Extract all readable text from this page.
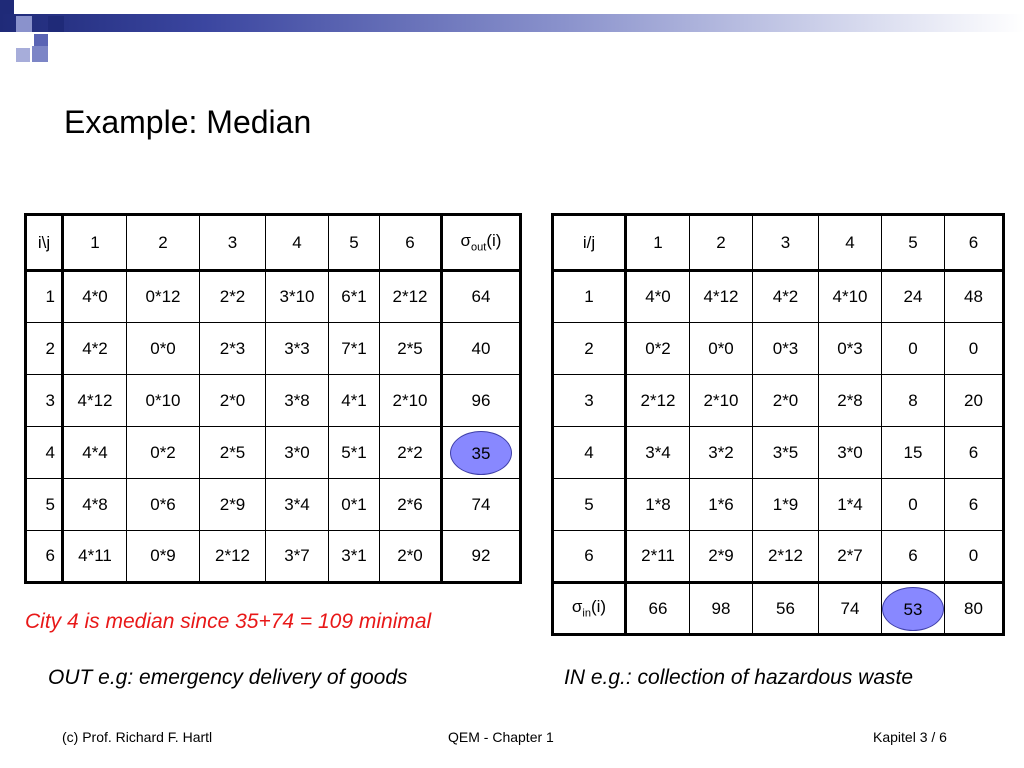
Example: Median
i\j	1	2	3	4	5	6	$\sigma_{out}(i)$
1	4*0	0*12	2*2	3*10	6*1	2*12	64
2	4*2	0*0	2*3	3*3	7*1	2*5	40
3	4*12	0*10	2*0	3*8	4*1	2*10	96
4	4*4	0*2	2*5	3*0	5*1	2*2	35
5	4*8	0*6	2*9	3*4	0*1	2*6	74
6	4*11	0*9	2*12	3*7	3*1	2*0	92
i/j	1	2	3	4	5	6
1	4*0	4*12	4*2	4*10	24	48
2	0*2	0*0	0*3	0*3	0	0
3	2*12	2*10	2*0	2*8	8	20
4	3*4	3*2	3*5	3*0	15	6
5	1*8	1*6	1*9	1*4	0	6
6	2*11	2*9	2*12	2*7	6	0
$\sigma_{in}(i)$	66	98	56	74	53	80
City 4 is median since 35+74 = 109 minimal
OUT e.g: emergency delivery of goods	IN e.g.: collection of hazardous waste
(c) Prof. Richard F. Hartl	QEM - Chapter 1	Kapitel 3 / 6
